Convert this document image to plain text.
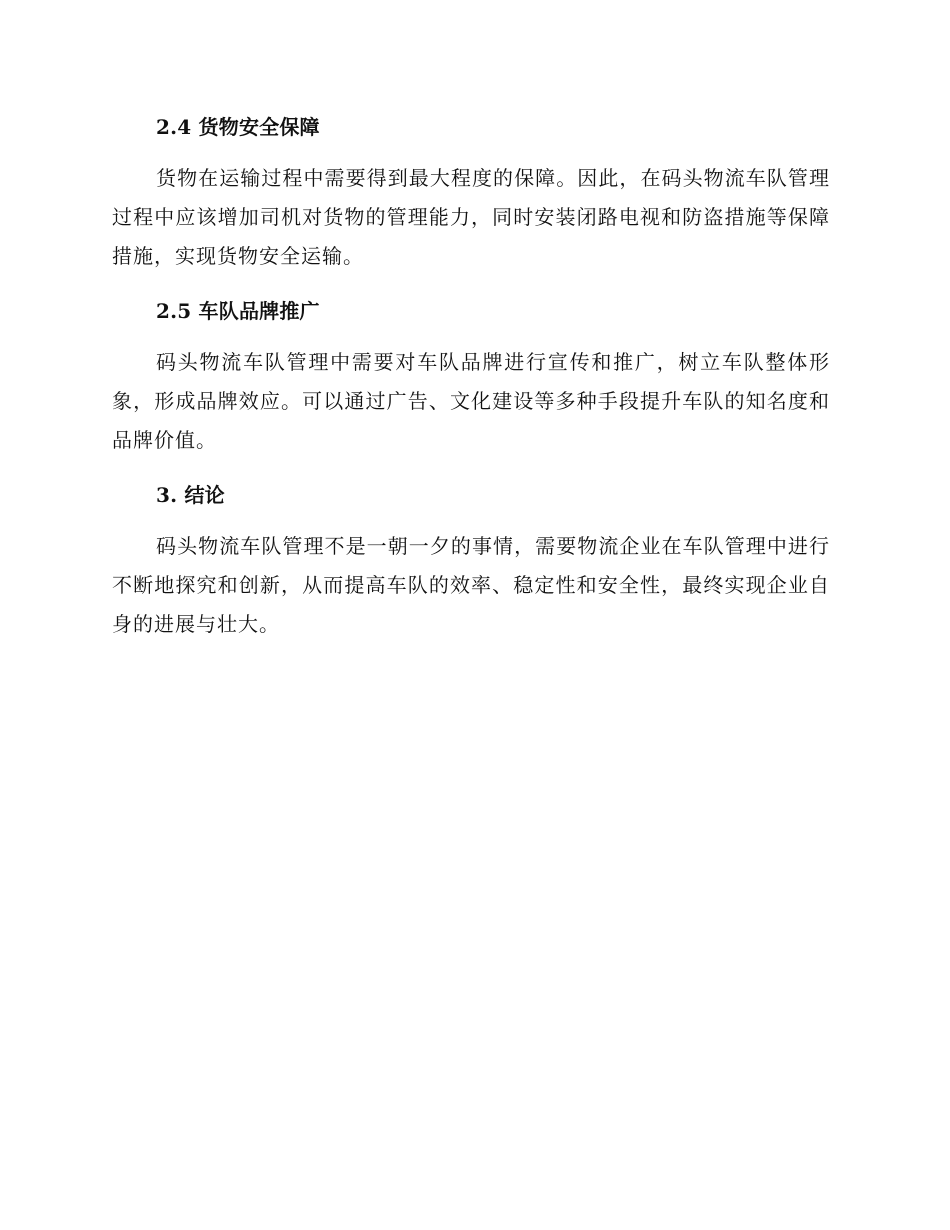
2.4 货物安全保障

货物在运输过程中需要得到最大程度的保障。因此，在码头物流车队管理过程中应该增加司机对货物的管理能力，同时安装闭路电视和防盗措施等保障措施，实现货物安全运输。

2.5 车队品牌推广

码头物流车队管理中需要对车队品牌进行宣传和推广，树立车队整体形象，形成品牌效应。可以通过广告、文化建设等多种手段提升车队的知名度和品牌价值。

3. 结论

码头物流车队管理不是一朝一夕的事情，需要物流企业在车队管理中进行不断地探究和创新，从而提高车队的效率、稳定性和安全性，最终实现企业自身的进展与壮大。
